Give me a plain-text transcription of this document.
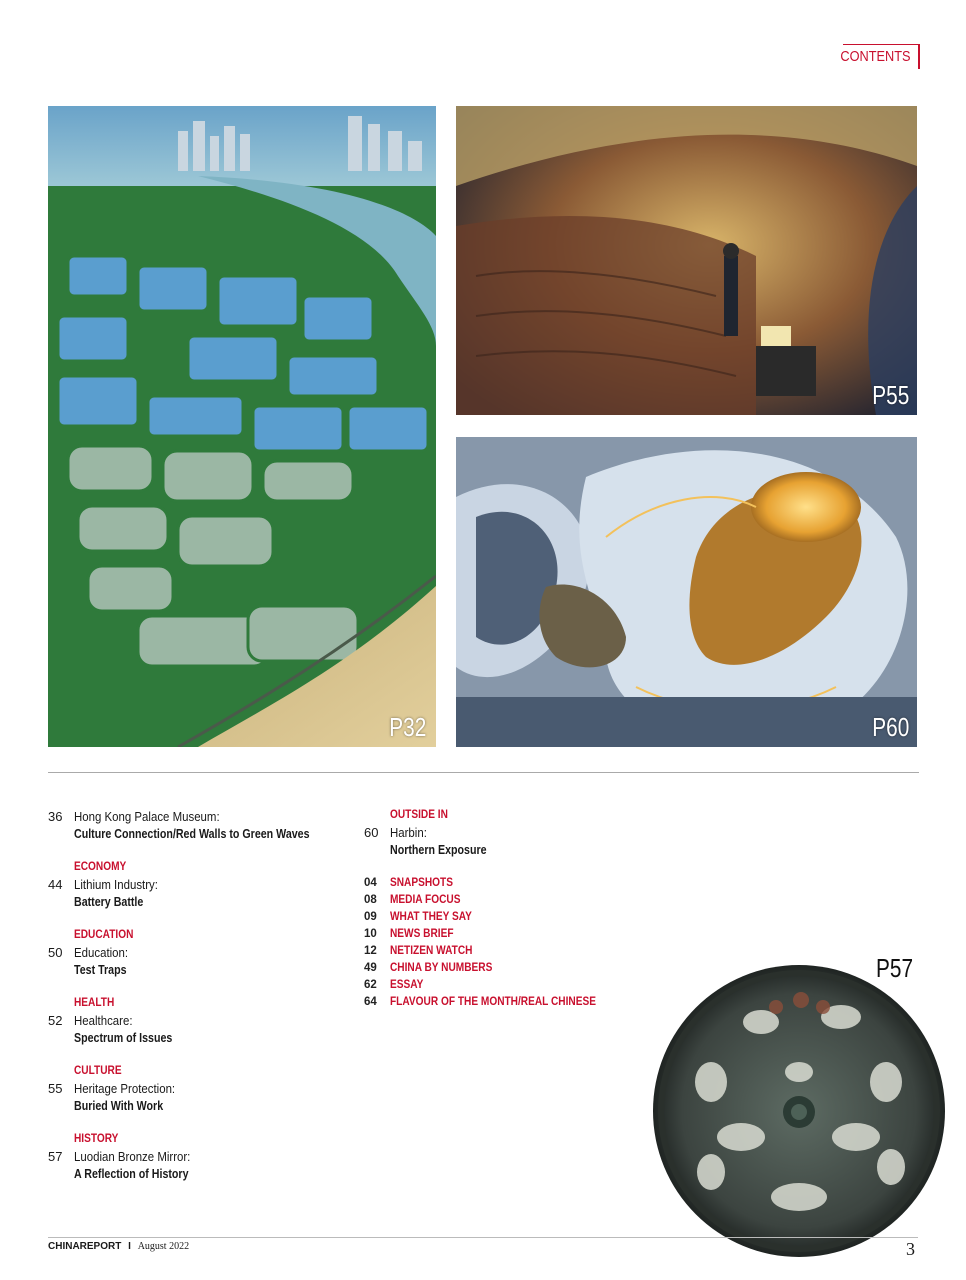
CONTENTS
P32
P55
P60
36 Hong Kong Palace Museum:
Culture Connection/Red Walls to Green Waves
ECONOMY
44 Lithium Industry:
Battery Battle
EDUCATION
50 Education:
Test Traps
HEALTH
52 Healthcare:
Spectrum of Issues
CULTURE
55 Heritage Protection:
Buried With Work
HISTORY
57 Luodian Bronze Mirror:
A Reflection of History
OUTSIDE IN
60 Harbin:
Northern Exposure
04	SNAPSHOTS
08	MEDIA FOCUS
09	WHAT THEY SAY
10	NEWS BRIEF
12	NETIZEN WATCH
49	CHINA BY NUMBERS
62	ESSAY
64	FLAVOUR OF THE MONTH/REAL CHINESE
P57
CHINAREPORT I August 2022	3
